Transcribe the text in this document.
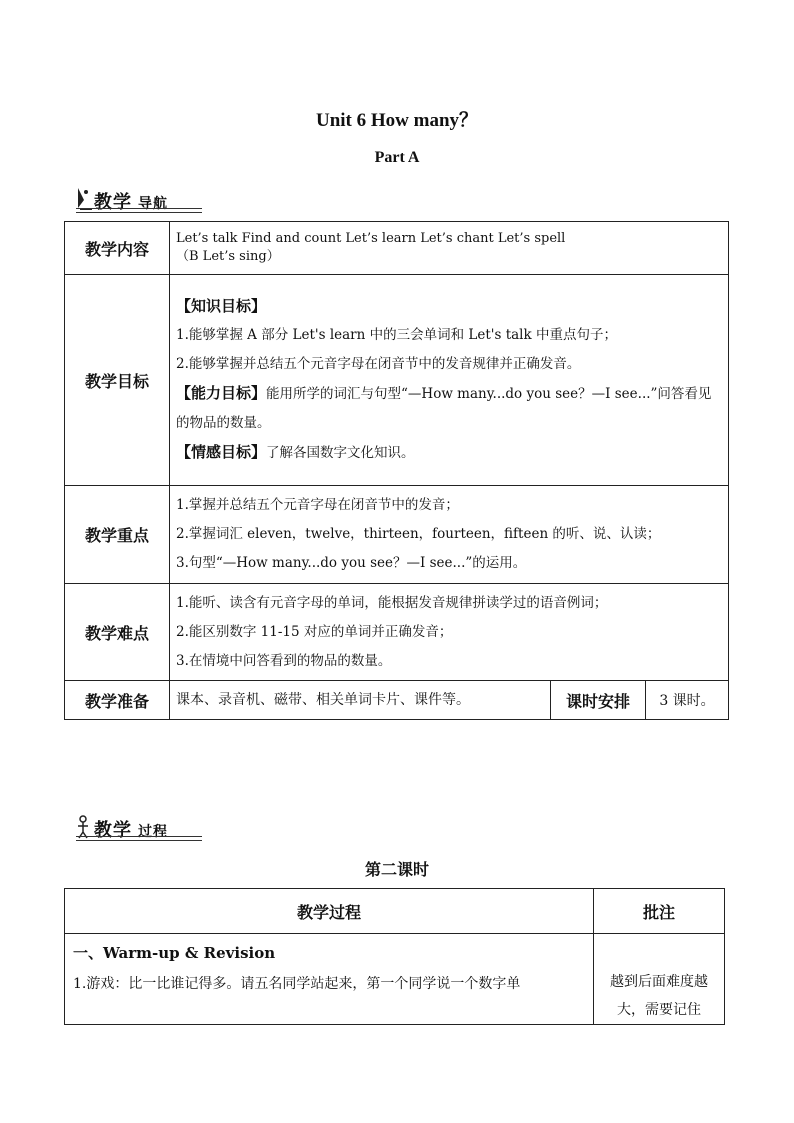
Unit 6 How many？
Part A
教学 导航
教学内容	Let’s talk Find and count Let’s learn Let’s chant Let’s spell

（B Let’s sing）		

教学目标	【知识目标】

1.能够掌握 A 部分 Let's learn 中的三会单词和 Let's talk 中重点句子；

2.能够掌握并总结五个元音字母在闭音节中的发音规律并正确发音。

【能力目标】能用所学的词汇与句型“—How many...do you see？—I see...”问答看见的物品的数量。

【情感目标】了解各国数字文化知识。		

教学重点	1.掌握并总结五个元音字母在闭音节中的发音；

2.掌握词汇 eleven，twelve，thirteen，fourteen，fifteen 的听、说、认读；

3.句型“—How many...do you see？—I see...”的运用。		

教学难点	1.能听、读含有元音字母的单词，能根据发音规律拼读学过的语音例词；

2.能区别数字 11-15 对应的单词并正确发音；

3.在情境中问答看到的物品的数量。		

教学准备	课本、录音机、磁带、相关单词卡片、课件等。	课时安排	3 课时。
教学 过程
第二课时
教学过程	批注

一、Warm-up & Revision
1.游戏：比一比谁记得多。请五名同学站起来，第一个同学说一个数字单	越到后面难度越大，需要记住
